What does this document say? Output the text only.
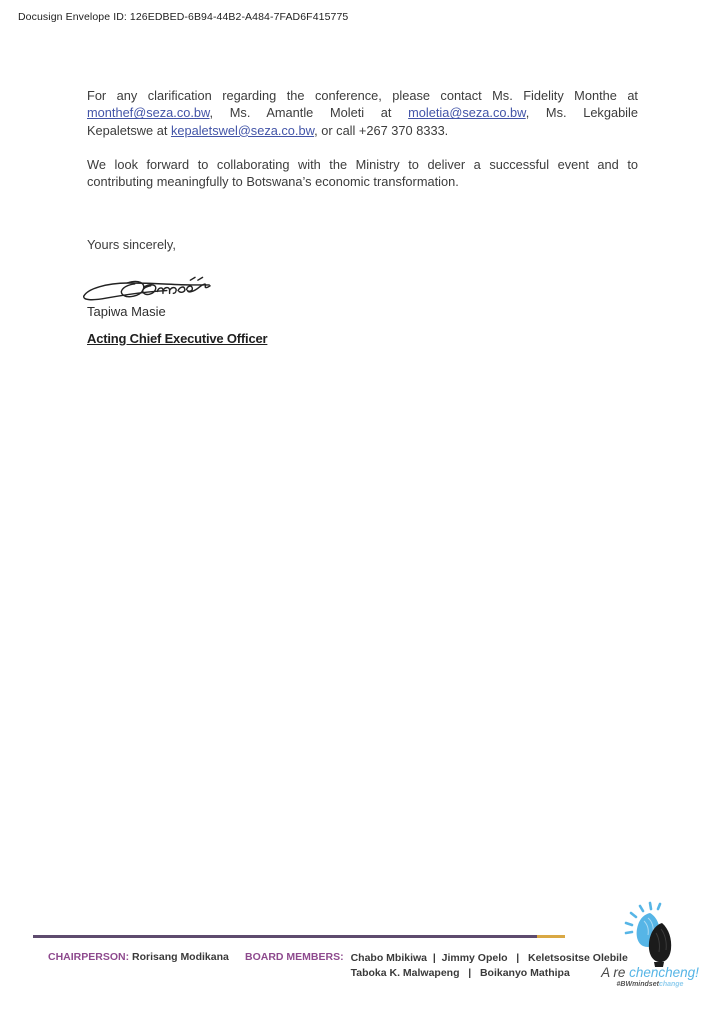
Docusign Envelope ID: 126EDBED-6B94-44B2-A484-7FAD6F415775
For any clarification regarding the conference, please contact Ms. Fidelity Monthe at
monthef@seza.co.bw, Ms. Amantle Moleti at moletia@seza.co.bw, Ms. Lekgabile
Kepaletswe at kepaletswel@seza.co.bw, or call +267 370 8333.
We look forward to collaborating with the Ministry to deliver a successful event and to
contributing meaningfully to Botswana’s economic transformation.
Yours sincerely,
Tapiwa Masie
Acting Chief Executive Officer
CHAIRPERSON: Rorisang Modikana BOARD MEMBERS: Chabo Mbikiwa  |  Jimmy Opelo   |   Keletsositse Olebile
Taboka K. Malwapeng   |   Boikanyo Mathipa	A re chencheng!
#BWmindsetchange
